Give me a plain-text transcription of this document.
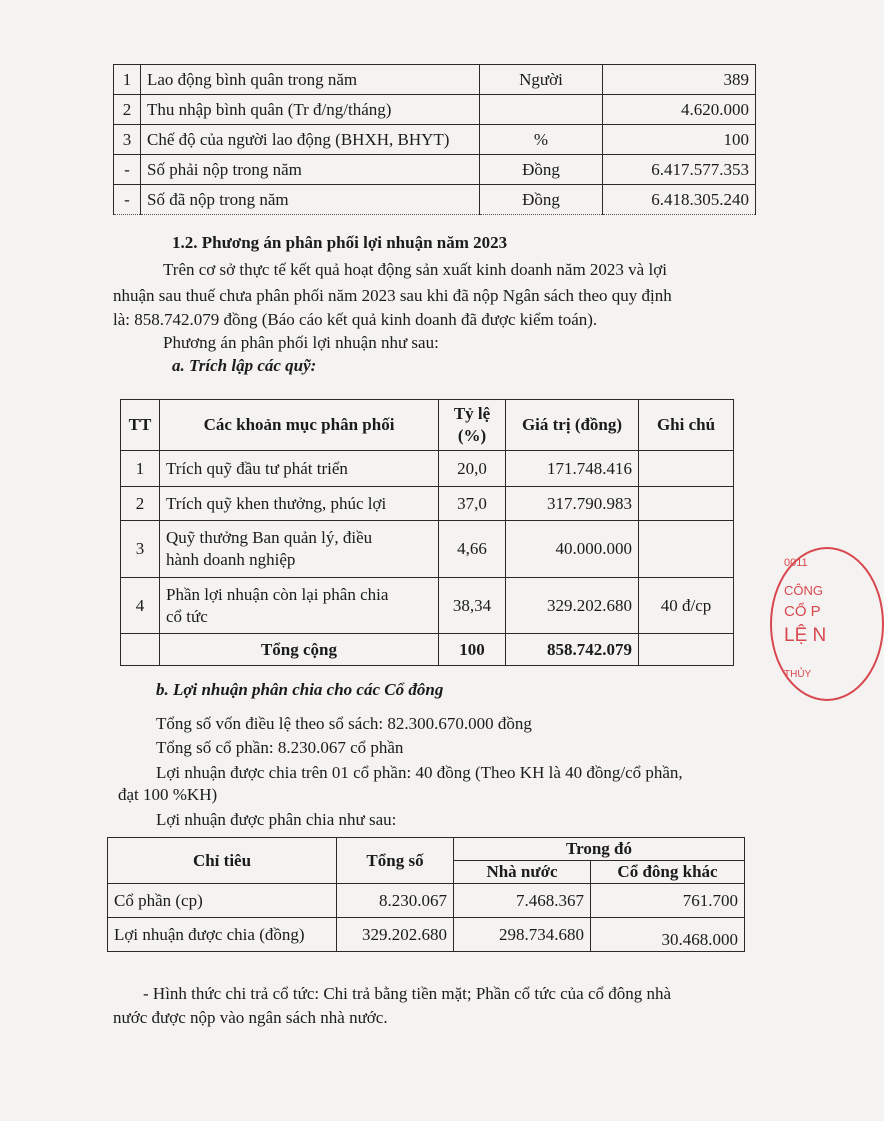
1	Lao động bình quân trong năm	Người	389
2	Thu nhập bình quân (Tr đ/ng/tháng)		4.620.000
3	Chế độ của người lao động (BHXH, BHYT)	%	100
-	Số phải nộp trong năm	Đồng	6.417.577.353
-	Số đã nộp trong năm	Đồng	6.418.305.240
1.2. Phương án phân phối lợi nhuận năm 2023
Trên cơ sở thực tế kết quả hoạt động sản xuất kinh doanh năm 2023 và lợi
nhuận sau thuế chưa phân phối năm 2023 sau khi đã nộp Ngân sách theo quy định
là: 858.742.079 đồng (Báo cáo kết quả kinh doanh đã được kiểm toán).
Phương án phân phối lợi nhuận như sau:
a. Trích lập các quỹ:
TT	Các khoản mục phân phối	Tỷ lệ
(%)	Giá trị (đồng)	Ghi chú
1	Trích quỹ đầu tư phát triển	20,0	171.748.416	
2	Trích quỹ khen thưởng, phúc lợi	37,0	317.790.983	
3	Quỹ thưởng Ban quản lý, điều
hành doanh nghiệp	4,66	40.000.000	
4	Phần lợi nhuận còn lại phân chia
cổ tức	38,34	329.202.680	40 đ/cp
	Tổng cộng	100	858.742.079	
b. Lợi nhuận phân chia cho các Cổ đông
Tổng số vốn điều lệ theo sổ sách: 82.300.670.000 đồng
Tổng số cổ phần: 8.230.067 cổ phần
Lợi nhuận được chia trên 01 cổ phần: 40 đồng (Theo KH là 40 đồng/cổ phần,
đạt 100 %KH)
Lợi nhuận được phân chia như sau:
Chỉ tiêu	Tổng số	Trong đó	
		Nhà nước	Cổ đông khác
Cổ phần (cp)	8.230.067	7.468.367	761.700
Lợi nhuận được chia (đồng)	329.202.680	298.734.680	30.468.000
- Hình thức chi trả cổ tức: Chi trả bằng tiền mặt; Phần cổ tức của cổ đông nhà
nước được nộp vào ngân sách nhà nước.
0011
CÔNG
CỔ P
LỆ N
THỦY
